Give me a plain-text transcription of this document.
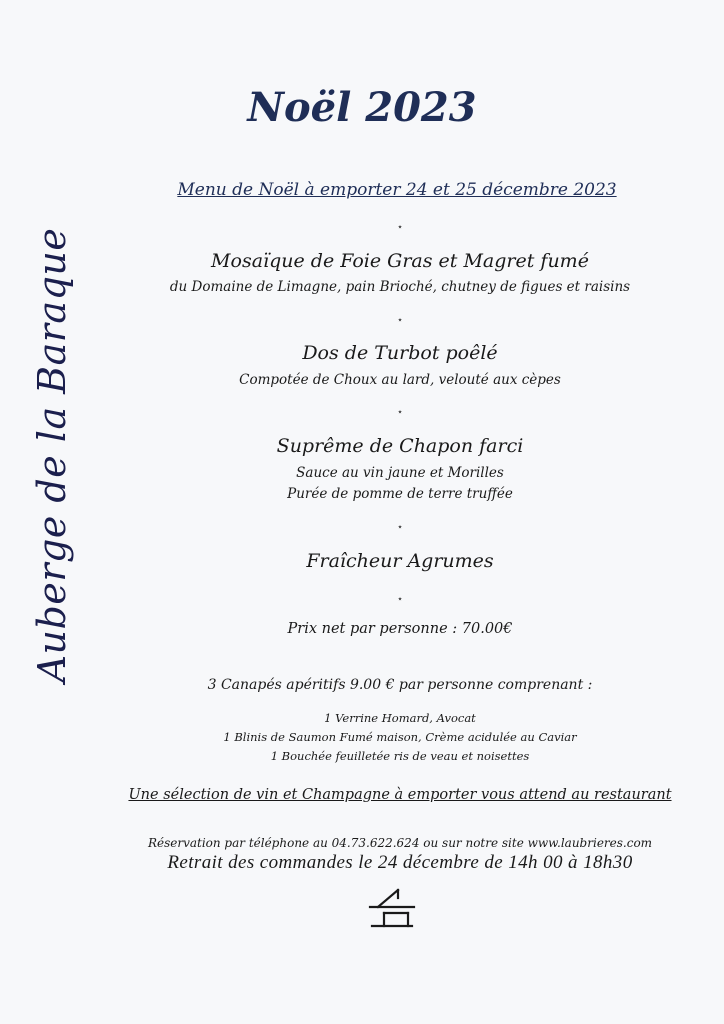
Auberge de la Baraque
Noël 2023
Menu de Noël à emporter 24 et 25 décembre 2023
⋆
Mosaïque de Foie Gras et Magret fumé
du Domaine de Limagne, pain Brioché, chutney de figues et raisins
⋆
Dos de Turbot poêlé
Compotée de Choux au lard, velouté aux cèpes
⋆
Suprême de Chapon farci
Sauce au vin jaune et Morilles
Purée de pomme de terre truffée
⋆
Fraîcheur Agrumes
⋆
Prix net par personne : 70.00€
3 Canapés apéritifs 9.00 € par personne comprenant :
1 Verrine Homard, Avocat
1 Blinis de Saumon Fumé maison, Crème acidulée au Caviar
1 Bouchée feuilletée ris de veau et noisettes
Une sélection de vin et Champagne à emporter vous attend au restaurant
Réservation par téléphone au 04.73.622.624 ou sur notre site www.laubrieres.com
Retrait des commandes le 24 décembre de 14h 00 à 18h30
